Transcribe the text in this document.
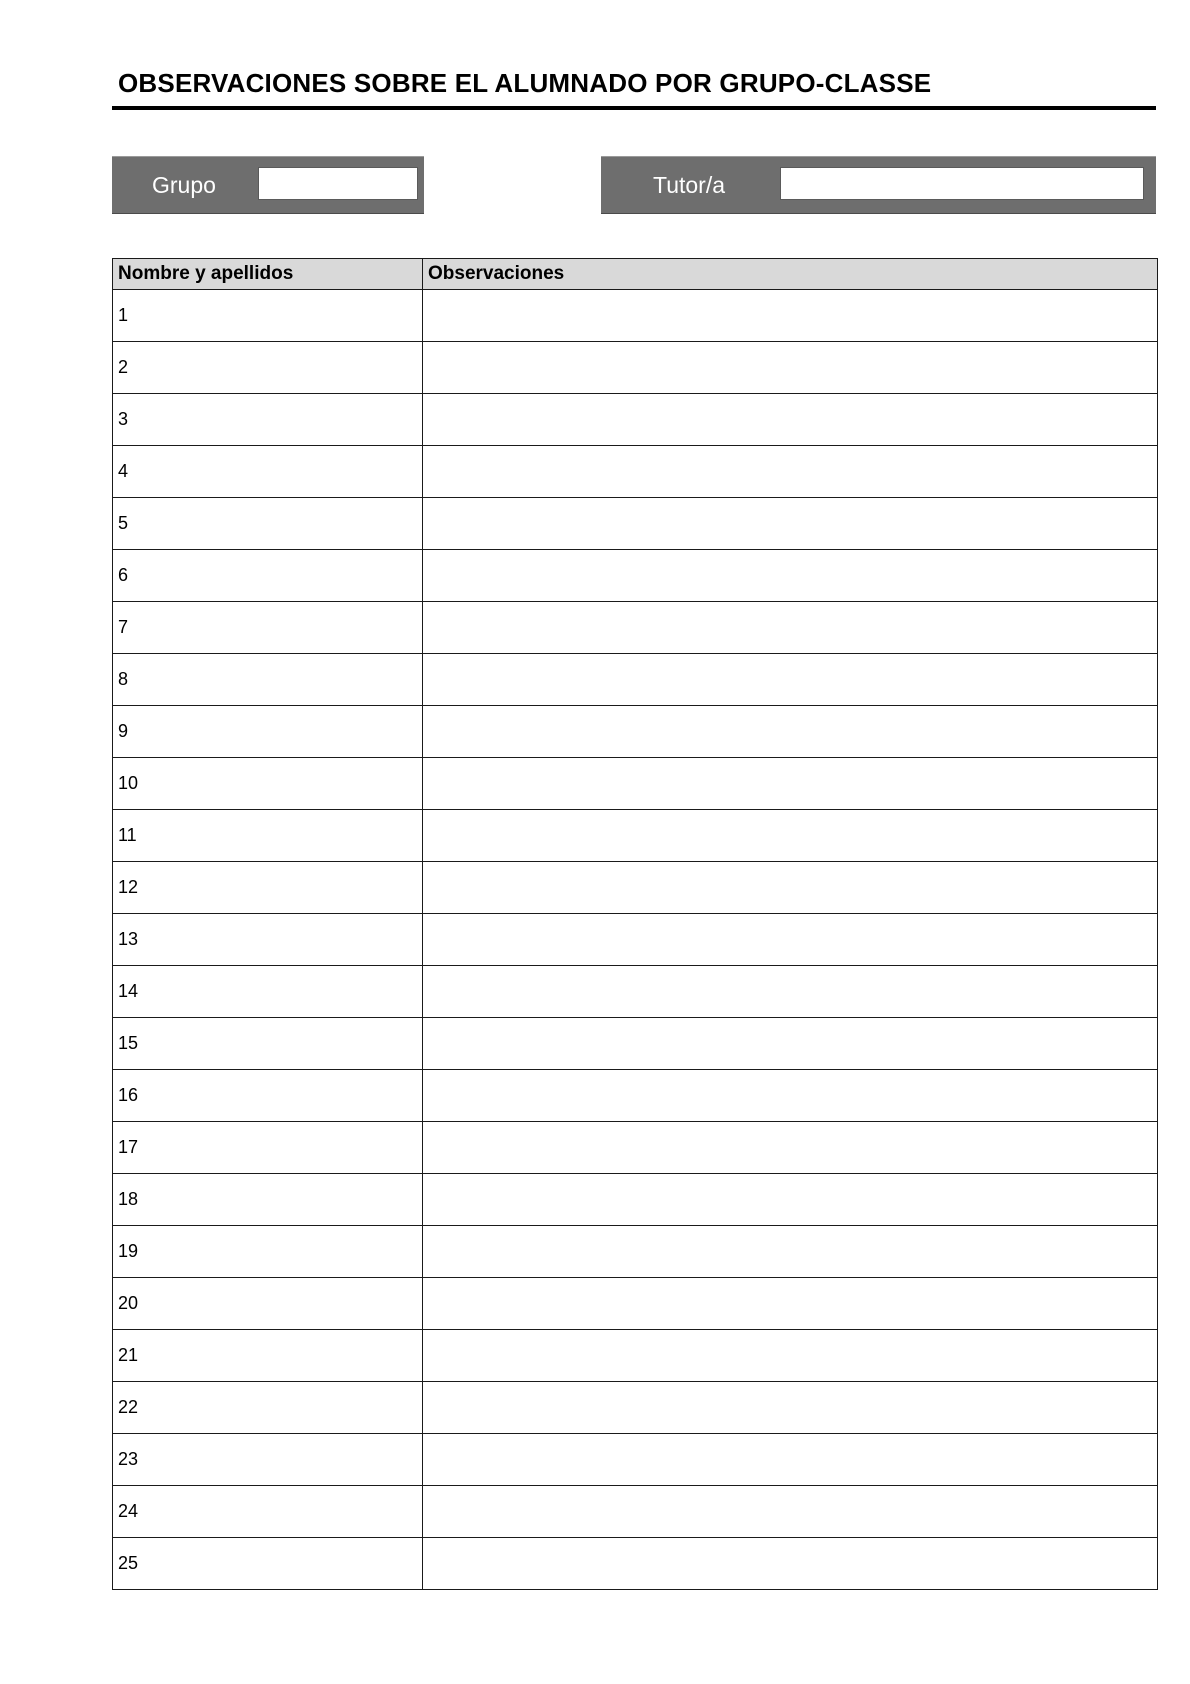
OBSERVACIONES SOBRE EL ALUMNADO POR GRUPO-CLASSE
Grupo	Tutor/a
Nombre y apellidos	Observaciones
1	
2	
3	
4	
5	
6	
7	
8	
9	
10	
11	
12	
13	
14	
15	
16	
17	
18	
19	
20	
21	
22	
23	
24	
25	
